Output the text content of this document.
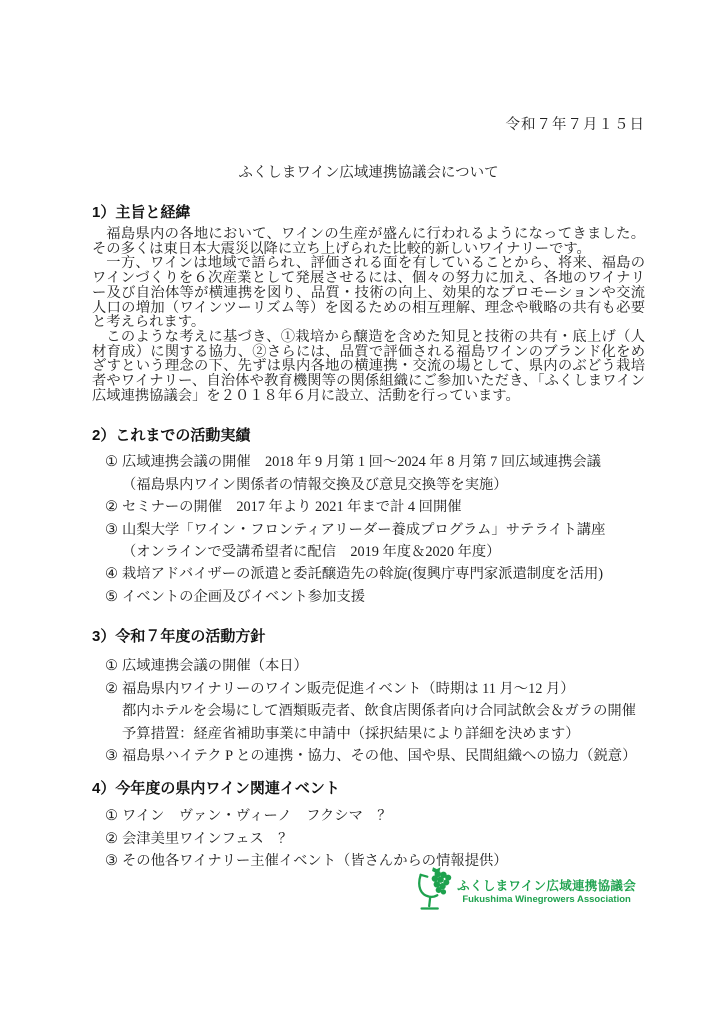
令和７年７月１５日
ふくしまワイン広域連携協議会について
1）主旨と経緯

福島県内の各地において、ワインの生産が盛んに行われるようになってきました。その多くは東日本大震災以降に立ち上げられた比較的新しいワイナリーです。

一方、ワインは地域で語られ、評価される面を有していることから、将来、福島のワインづくりを６次産業として発展させるには、個々の努力に加え、各地のワイナリー及び自治体等が横連携を図り、品質・技術の向上、効果的なプロモーションや交流人口の増加（ワインツーリズム等）を図るための相互理解、理念や戦略の共有も必要と考えられます。

このような考えに基づき、①栽培から醸造を含めた知見と技術の共有・底上げ（人材育成）に関する協力、②さらには、品質で評価される福島ワインのブランド化をめざすという理念の下、先ずは県内各地の横連携・交流の場として、県内のぶどう栽培者やワイナリー、自治体や教育機関等の関係組織にご参加いただき、「ふくしまワイン広域連携協議会」を２０１８年６月に設立、活動を行っています。

2）これまでの活動実績
① 広域連携会議の開催　2018 年 9 月第 1 回～2024 年 8 月第 7 回広域連携会議
（福島県内ワイン関係者の情報交換及び意見交換等を実施）
② セミナーの開催　2017 年より 2021 年まで計 4 回開催
③ 山梨大学「ワイン・フロンティアリーダー養成プログラム」サテライト講座
（オンラインで受講希望者に配信　2019 年度＆2020 年度）
④ 栽培アドバイザーの派遣と委託醸造先の斡旋(復興庁専門家派遣制度を活用)
⑤ イベントの企画及びイベント参加支援
3）令和７年度の活動方針
① 広域連携会議の開催（本日）
② 福島県内ワイナリーのワイン販売促進イベント（時期は 11 月～12 月）
都内ホテルを会場にして酒類販売者、飲食店関係者向け合同試飲会＆ガラの開催
予算措置：経産省補助事業に申請中（採択結果により詳細を決めます）
③ 福島県ハイテク P との連携・協力、その他、国や県、民間組織への協力（鋭意）
4）今年度の県内ワイン関連イベント
① ワイン　ヴァン・ヴィーノ　フクシマ　？
② 会津美里ワインフェス　？
③ その他各ワイナリー主催イベント（皆さんからの情報提供）
ふくしまワイン広域連携協議会
Fukushima Winegrowers Association
